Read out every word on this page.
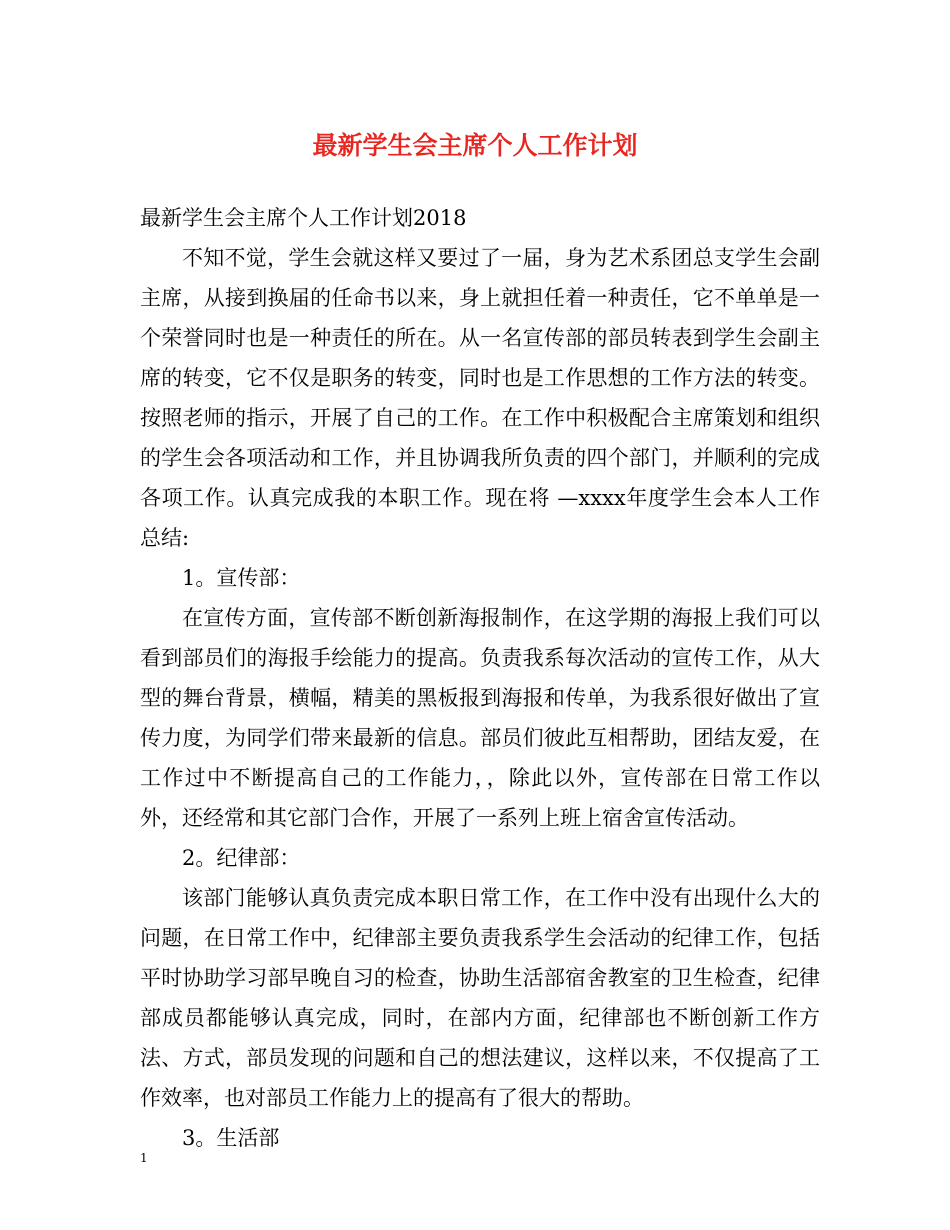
最新学生会主席个人工作计划

最新学生会主席个人工作计划2018

不知不觉，学生会就这样又要过了一届，身为艺术系团总支学生会副主席，从接到换届的任命书以来，身上就担任着一种责任，它不单单是一个荣誉同时也是一种责任的所在。从一名宣传部的部员转表到学生会副主席的转变，它不仅是职务的转变，同时也是工作思想的工作方法的转变。按照老师的指示，开展了自己的工作。在工作中积极配合主席策划和组织的学生会各项活动和工作，并且协调我所负责的四个部门，并顺利的完成各项工作。认真完成我的本职工作。现在将 —xxxx年度学生会本人工作总结:

1。宣传部：

在宣传方面，宣传部不断创新海报制作，在这学期的海报上我们可以看到部员们的海报手绘能力的提高。负责我系每次活动的宣传工作，从大型的舞台背景，横幅，精美的黑板报到海报和传单，为我系很好做出了宣传力度，为同学们带来最新的信息。部员们彼此互相帮助，团结友爱，在工作过中不断提高自己的工作能力，，除此以外，宣传部在日常工作以外，还经常和其它部门合作，开展了一系列上班上宿舍宣传活动。

2。纪律部：

该部门能够认真负责完成本职日常工作，在工作中没有出现什么大的问题，在日常工作中，纪律部主要负责我系学生会活动的纪律工作，包括平时协助学习部早晚自习的检查，协助生活部宿舍教室的卫生检查，纪律部成员都能够认真完成，同时，在部内方面，纪律部也不断创新工作方法、方式，部员发现的问题和自己的想法建议，这样以来，不仅提高了工作效率，也对部员工作能力上的提高有了很大的帮助。

3。生活部

1
